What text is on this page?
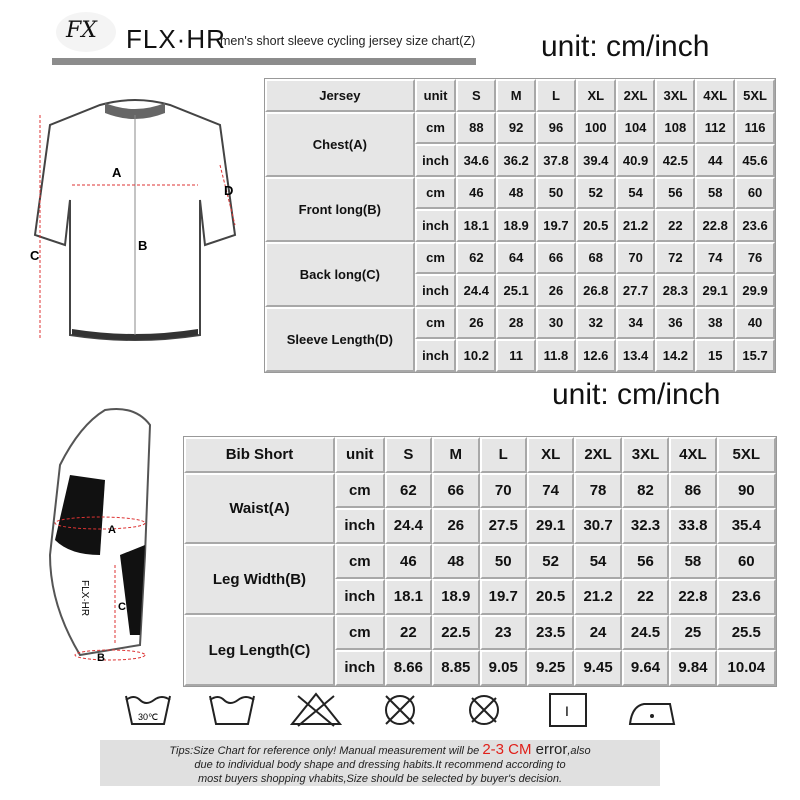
FX FLX·HR
men's short sleeve cycling jersey size chart(Z) unit: cm/inch
unit: cm/inch
A
B
C
D
A
B
C
FLX·HR
Jersey	unit	S	M	L	XL	2XL	3XL	4XL	5XL
Chest(A)	cm	88	92	96	100	104	108	112	116
	inch	34.6	36.2	37.8	39.4	40.9	42.5	44	45.6
Front long(B)	cm	46	48	50	52	54	56	58	60
	inch	18.1	18.9	19.7	20.5	21.2	22	22.8	23.6
Back long(C)	cm	62	64	66	68	70	72	74	76
	inch	24.4	25.1	26	26.8	27.7	28.3	29.1	29.9
Sleeve Length(D)	cm	26	28	30	32	34	36	38	40
	inch	10.2	11	11.8	12.6	13.4	14.2	15	15.7
Bib Short	unit	S	M	L	XL	2XL	3XL	4XL	5XL
Waist(A)	cm	62	66	70	74	78	82	86	90
	inch	24.4	26	27.5	29.1	30.7	32.3	33.8	35.4
Leg Width(B)	cm	46	48	50	52	54	56	58	60
	inch	18.1	18.9	19.7	20.5	21.2	22	22.8	23.6
Leg Length(C)	cm	22	22.5	23	23.5	24	24.5	25	25.5
	inch	8.66	8.85	9.05	9.25	9.45	9.64	9.84	10.04
30℃	I
Tips:Size Chart for reference only! Manual measurement will be 2-3 CM error,also
due to individual body shape and dressing habits.It recommend according to
most buyers shopping vhabits,Size should be selected by buyer's decision.
